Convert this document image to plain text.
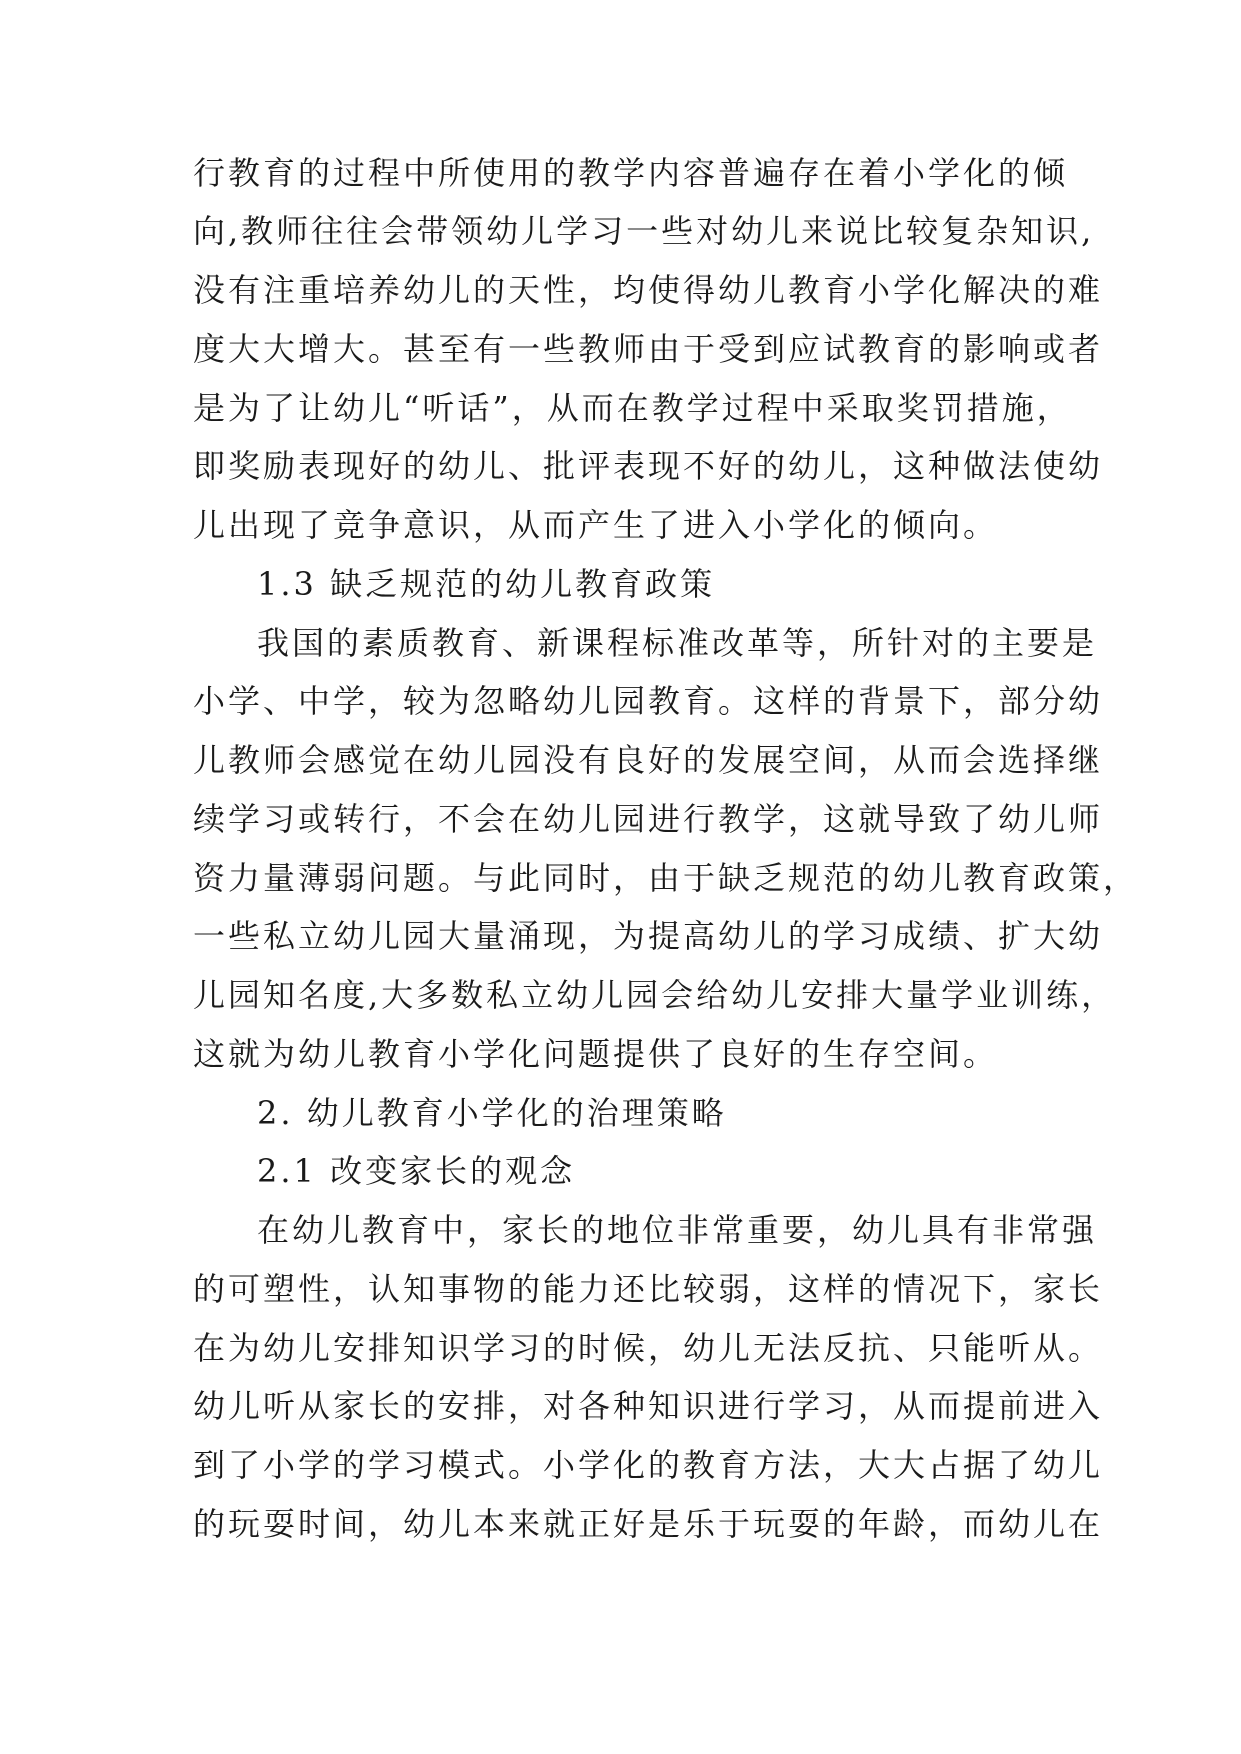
行教育的过程中所使用的教学内容普遍存在着小学化的倾
向,教师往往会带领幼儿学习一些对幼儿来说比较复杂知识,
没有注重培养幼儿的天性，均使得幼儿教育小学化解决的难
度大大增大。甚至有一些教师由于受到应试教育的影响或者
是为了让幼儿“听话”，从而在教学过程中采取奖罚措施，
即奖励表现好的幼儿、批评表现不好的幼儿，这种做法使幼
儿出现了竞争意识，从而产生了进入小学化的倾向。
1.3 缺乏规范的幼儿教育政策
我国的素质教育、新课程标准改革等，所针对的主要是
小学、中学，较为忽略幼儿园教育。这样的背景下，部分幼
儿教师会感觉在幼儿园没有良好的发展空间，从而会选择继
续学习或转行，不会在幼儿园进行教学，这就导致了幼儿师
资力量薄弱问题。与此同时，由于缺乏规范的幼儿教育政策，
一些私立幼儿园大量涌现，为提高幼儿的学习成绩、扩大幼
儿园知名度,大多数私立幼儿园会给幼儿安排大量学业训练，
这就为幼儿教育小学化问题提供了良好的生存空间。
2. 幼儿教育小学化的治理策略
2.1 改变家长的观念
在幼儿教育中，家长的地位非常重要，幼儿具有非常强
的可塑性，认知事物的能力还比较弱，这样的情况下，家长
在为幼儿安排知识学习的时候，幼儿无法反抗、只能听从。
幼儿听从家长的安排，对各种知识进行学习，从而提前进入
到了小学的学习模式。小学化的教育方法，大大占据了幼儿
的玩耍时间，幼儿本来就正好是乐于玩耍的年龄，而幼儿在
